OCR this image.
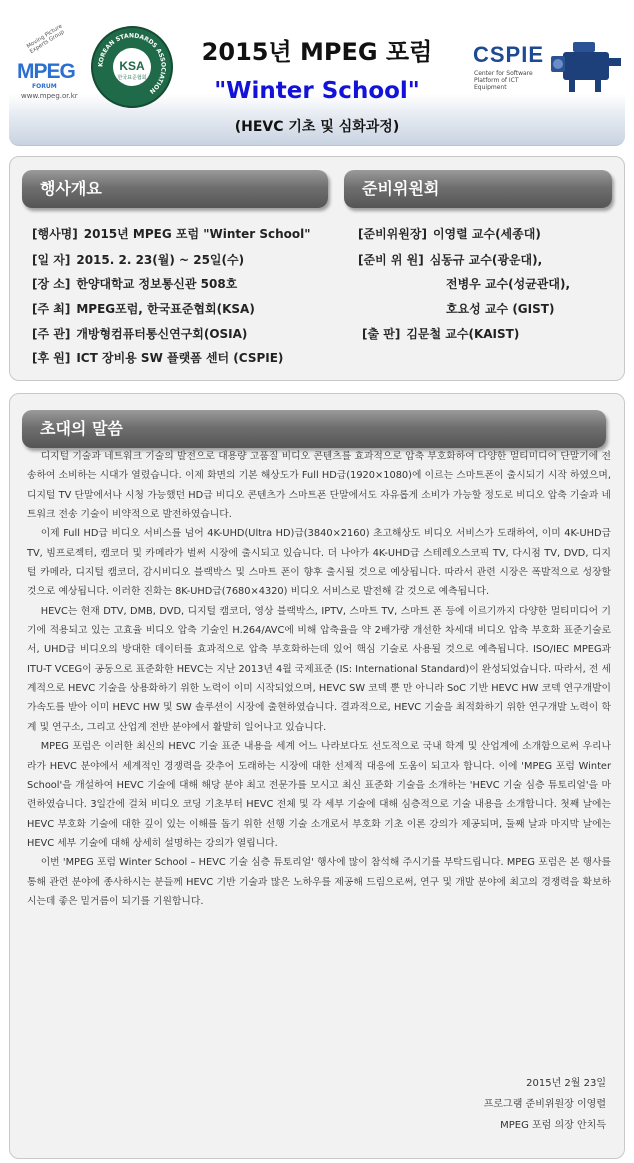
Moving Picture Experts Group
MPEG
FORUM
www.mpeg.or.kr
KOREAN STANDARDS ASSOCIATION
KSA
한국표준협회
2015년 MPEG 포럼
"Winter School"
(HEVC 기초 및 심화과정)
CSPIE
Center for Software Platform of ICT Equipment
행사개요	준비위원회
[행사명] 2015년 MPEG 포럼 "Winter School"
[일 자] 2015. 2. 23(월) ~ 25일(수)
[장 소] 한양대학교 정보통신관 508호
[주 최] MPEG포럼, 한국표준협회(KSA)
[주 관] 개방형컴퓨터통신연구회(OSIA)
[후 원] ICT 장비용 SW 플랫폼 센터 (CSPIE)
[준비위원장] 이영렬 교수(세종대)
[준비 위 원] 심동규 교수(광운대),
전병우 교수(성균관대),
호요성 교수 (GIST)
[출 판] 김문철 교수(KAIST)
초대의 말씀

디지털 기술과 네트워크 기술의 발전으로 대용량 고품질 비디오 콘텐츠를 효과적으로 압축 부호화하여 다양한 멀티미디어 단말기에 전송하여 소비하는 시대가 열렸습니다. 이제 화면의 기본 해상도가 Full HD급(1920×1080)에 이르는 스마트폰이 출시되기 시작 하였으며, 디지털 TV 단말에서나 시청 가능했던 HD급 비디오 콘텐츠가 스마트폰 단말에서도 자유롭게 소비가 가능할 정도로 비디오 압축 기술과 네트워크 전송 기술이 비약적으로 발전하였습니다.

이제 Full HD급 비디오 서비스를 넘어 4K-UHD(Ultra HD)급(3840×2160) 초고해상도 비디오 서비스가 도래하여, 이미 4K-UHD급 TV, 빔프로젝터, 캠코더 및 카메라가 벌써 시장에 출시되고 있습니다. 더 나아가 4K-UHD급 스테레오스코픽 TV, 다시점 TV, DVD, 디지털 카메라, 디지털 캠코더, 감시비디오 블랙박스 및 스마트 폰이 향후 출시될 것으로 예상됩니다. 따라서 관련 시장은 폭발적으로 성장할 것으로 예상됩니다. 이러한 진화는 8K-UHD급(7680×4320) 비디오 서비스로 발전해 갈 것으로 예측됩니다.

HEVC는 현재 DTV, DMB, DVD, 디지털 캠코더, 영상 블랙박스, IPTV, 스마트 TV, 스마트 폰 등에 이르기까지 다양한 멀티미디어 기기에 적용되고 있는 고효율 비디오 압축 기술인 H.264/AVC에 비해 압축율을 약 2배가량 개선한 차세대 비디오 압축 부호화 표준기술로서, UHD급 비디오의 방대한 데이터를 효과적으로 압축 부호화하는데 있어 핵심 기술로 사용될 것으로 예측됩니다. ISO/IEC MPEG과 ITU-T VCEG이 공동으로 표준화한 HEVC는 지난 2013년 4월 국제표준 (IS: International Standard)이 완성되었습니다. 따라서, 전 세계적으로 HEVC 기술을 상용화하기 위한 노력이 이미 시작되었으며, HEVC SW 코덱 뿐 만 아니라 SoC 기반 HEVC HW 코덱 연구개발이 가속도를 받아 이미 HEVC HW 및 SW 솔루션이 시장에 출현하였습니다. 결과적으로, HEVC 기술을 최적화하기 위한 연구개발 노력이 학계 및 연구소, 그리고 산업계 전반 분야에서 활발히 일어나고 있습니다.

MPEG 포럼은 이러한 최신의 HEVC 기술 표준 내용을 세계 어느 나라보다도 선도적으로 국내 학계 및 산업계에 소개함으로써 우리나라가 HEVC 분야에서 세계적인 경쟁력을 갖추어 도래하는 시장에 대한 선제적 대응에 도움이 되고자 합니다. 이에 'MPEG 포럼 Winter School'을 개설하여 HEVC 기술에 대해 해당 분야 최고 전문가를 모시고 최신 표준화 기술을 소개하는 'HEVC 기술 심층 튜토리얼'을 마련하였습니다. 3일간에 걸쳐 비디오 코딩 기초부터 HEVC 전체 및 각 세부 기술에 대해 심층적으로 기술 내용을 소개합니다. 첫째 날에는 HEVC 부호화 기술에 대한 깊이 있는 이해를 돕기 위한 선행 기술 소개로서 부호화 기초 이론 강의가 제공되며, 둘째 날과 마지막 날에는 HEVC 세부 기술에 대해 상세히 설명하는 강의가 열립니다.

이번 'MPEG 포럼 Winter School – HEVC 기술 심층 튜토리얼' 행사에 많이 참석해 주시기를 부탁드립니다. MPEG 포럼은 본 행사를 통해 관련 분야에 종사하시는 분들께 HEVC 기반 기술과 많은 노하우를 제공해 드림으로써, 연구 및 개발 분야에 최고의 경쟁력을 확보하시는데 좋은 밑거름이 되기를 기원합니다.

2015년 2월 23일
프로그램 준비위원장 이영렬
MPEG 포럼 의장 안치득
